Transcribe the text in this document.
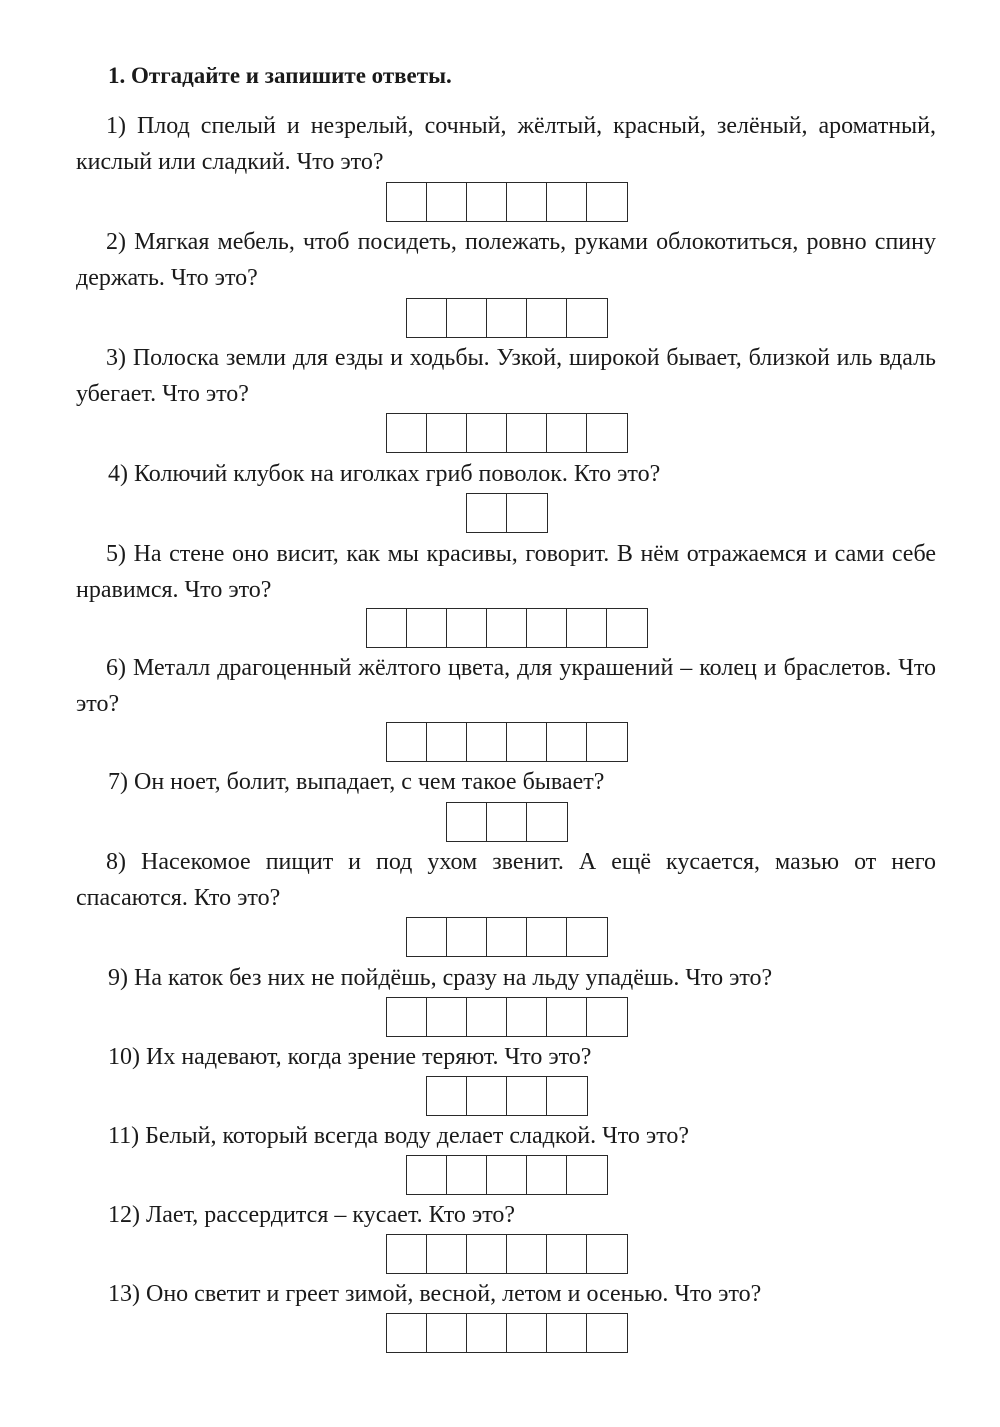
1. Отгадайте и запишите ответы.
1) Плод спелый и незрелый, сочный, жёлтый, красный, зелёный, ароматный, кислый или сладкий. Что это?
2) Мягкая мебель, чтоб посидеть, полежать, руками облокотиться, ровно спину держать. Что это?
3) Полоска земли для езды и ходьбы. Узкой, широкой бывает, близкой иль вдаль убегает. Что это?
4) Колючий клубок на иголках гриб поволок. Кто это?
5) На стене оно висит, как мы красивы, говорит. В нём отражаемся и сами себе нравимся. Что это?
6) Металл драгоценный жёлтого цвета, для украшений – колец и браслетов. Что это?
7) Он ноет, болит, выпадает, с чем такое бывает?
8) Насекомое пищит и под ухом звенит. А ещё кусается, мазью от него спасаются. Кто это?
9) На каток без них не пойдёшь, сразу на льду упадёшь. Что это?
10) Их надевают, когда зрение теряют. Что это?
11) Белый, который всегда воду делает сладкой. Что это?
12) Лает, рассердится – кусает. Кто это?
13) Оно светит и греет зимой, весной, летом и осенью. Что это?
